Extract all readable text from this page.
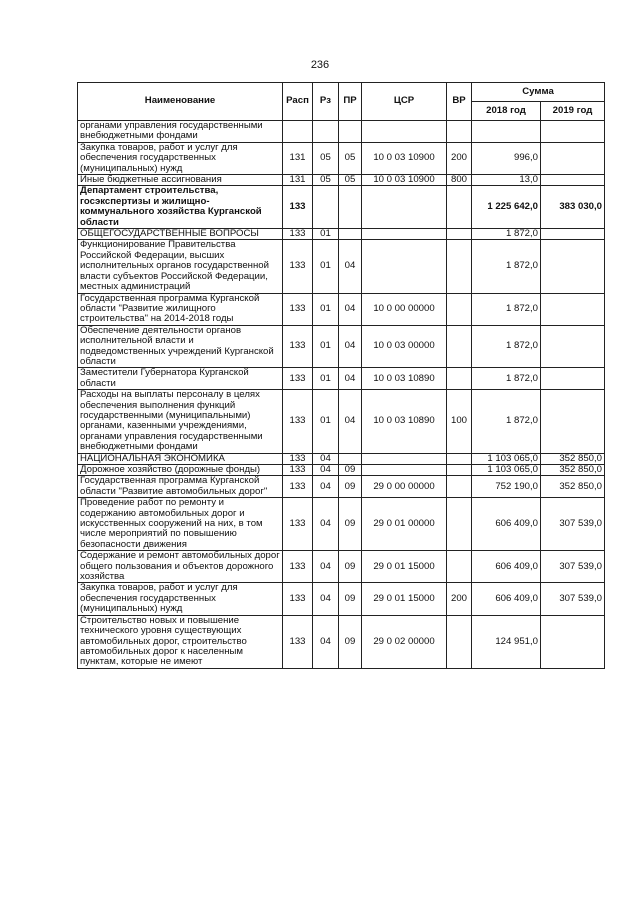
236
Наименование	Расп	Рз	ПР	ЦСР	ВР	Сумма	
						2018 год	2019 год
органами управления государственными внебюджетными фондами							
Закупка товаров, работ и услуг для обеспечения государственных (муниципальных) нужд	131	05	05	10 0 03 10900	200	996,0	
Иные бюджетные ассигнования	131	05	05	10 0 03 10900	800	13,0	
Департамент строительства, госэкспертизы и жилищно-коммунального хозяйства Курганской области	133					1 225 642,0	383 030,0
ОБЩЕГОСУДАРСТВЕННЫЕ ВОПРОСЫ	133	01				1 872,0	
Функционирование Правительства Российской Федерации, высших исполнительных органов государственной власти субъектов Российской Федерации, местных администраций	133	01	04			1 872,0	
Государственная программа Курганской области "Развитие жилищного строительства" на 2014-2018 годы	133	01	04	10 0 00 00000		1 872,0	
Обеспечение деятельности органов исполнительной власти и подведомственных учреждений Курганской области	133	01	04	10 0 03 00000		1 872,0	
Заместители Губернатора Курганской области	133	01	04	10 0 03 10890		1 872,0	
Расходы на выплаты персоналу в целях обеспечения выполнения функций государственными (муниципальными) органами, казенными учреждениями, органами управления государственными внебюджетными фондами	133	01	04	10 0 03 10890	100	1 872,0	
НАЦИОНАЛЬНАЯ ЭКОНОМИКА	133	04				1 103 065,0	352 850,0
Дорожное хозяйство (дорожные фонды)	133	04	09			1 103 065,0	352 850,0
Государственная программа Курганской области "Развитие автомобильных дорог"	133	04	09	29 0 00 00000		752 190,0	352 850,0
Проведение работ по ремонту и содержанию автомобильных дорог и искусственных сооружений на них, в том числе мероприятий по повышению безопасности движения	133	04	09	29 0 01 00000		606 409,0	307 539,0
Содержание и ремонт автомобильных дорог общего пользования и объектов дорожного хозяйства	133	04	09	29 0 01 15000		606 409,0	307 539,0
Закупка товаров, работ и услуг для обеспечения государственных (муниципальных) нужд	133	04	09	29 0 01 15000	200	606 409,0	307 539,0
Строительство новых и повышение технического уровня существующих автомобильных дорог, строительство автомобильных дорог к населенным пунктам, которые не имеют	133	04	09	29 0 02 00000		124 951,0	
